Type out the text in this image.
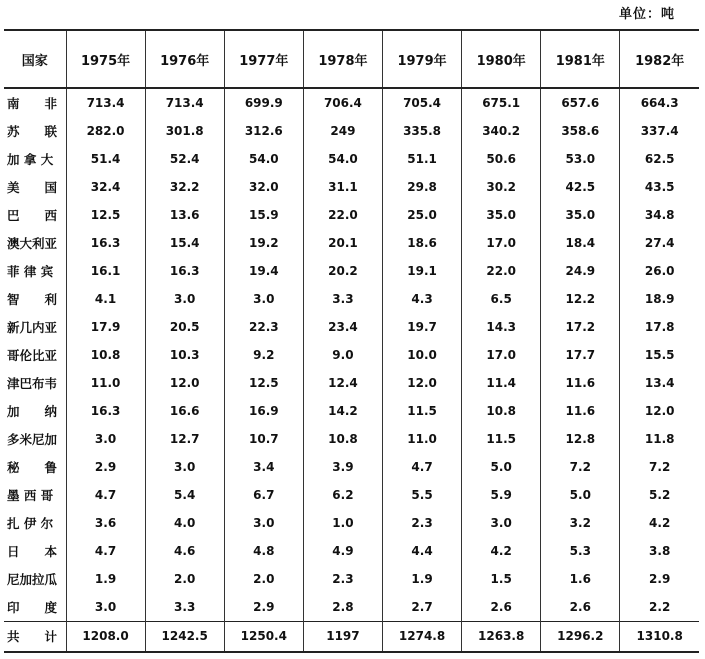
单位：吨
国家	1975年	1976年	1977年	1978年	1979年	1980年	1981年	1982年
南　　非	713.4	713.4	699.9	706.4	705.4	675.1	657.6	664.3
苏　　联	282.0	301.8	312.6	249	335.8	340.2	358.6	337.4
加 拿 大	51.4	52.4	54.0	54.0	51.1	50.6	53.0	62.5
美　　国	32.4	32.2	32.0	31.1	29.8	30.2	42.5	43.5
巴　　西	12.5	13.6	15.9	22.0	25.0	35.0	35.0	34.8
澳大利亚	16.3	15.4	19.2	20.1	18.6	17.0	18.4	27.4
菲 律 宾	16.1	16.3	19.4	20.2	19.1	22.0	24.9	26.0
智　　利	4.1	3.0	3.0	3.3	4.3	6.5	12.2	18.9
新几内亚	17.9	20.5	22.3	23.4	19.7	14.3	17.2	17.8
哥伦比亚	10.8	10.3	9.2	9.0	10.0	17.0	17.7	15.5
津巴布韦	11.0	12.0	12.5	12.4	12.0	11.4	11.6	13.4
加　　纳	16.3	16.6	16.9	14.2	11.5	10.8	11.6	12.0
多米尼加	3.0	12.7	10.7	10.8	11.0	11.5	12.8	11.8
秘　　鲁	2.9	3.0	3.4	3.9	4.7	5.0	7.2	7.2
墨 西 哥	4.7	5.4	6.7	6.2	5.5	5.9	5.0	5.2
扎 伊 尔	3.6	4.0	3.0	1.0	2.3	3.0	3.2	4.2
日　　本	4.7	4.6	4.8	4.9	4.4	4.2	5.3	3.8
尼加拉瓜	1.9	2.0	2.0	2.3	1.9	1.5	1.6	2.9
印　　度	3.0	3.3	2.9	2.8	2.7	2.6	2.6	2.2
共　　计	1208.0	1242.5	1250.4	1197	1274.8	1263.8	1296.2	1310.8
